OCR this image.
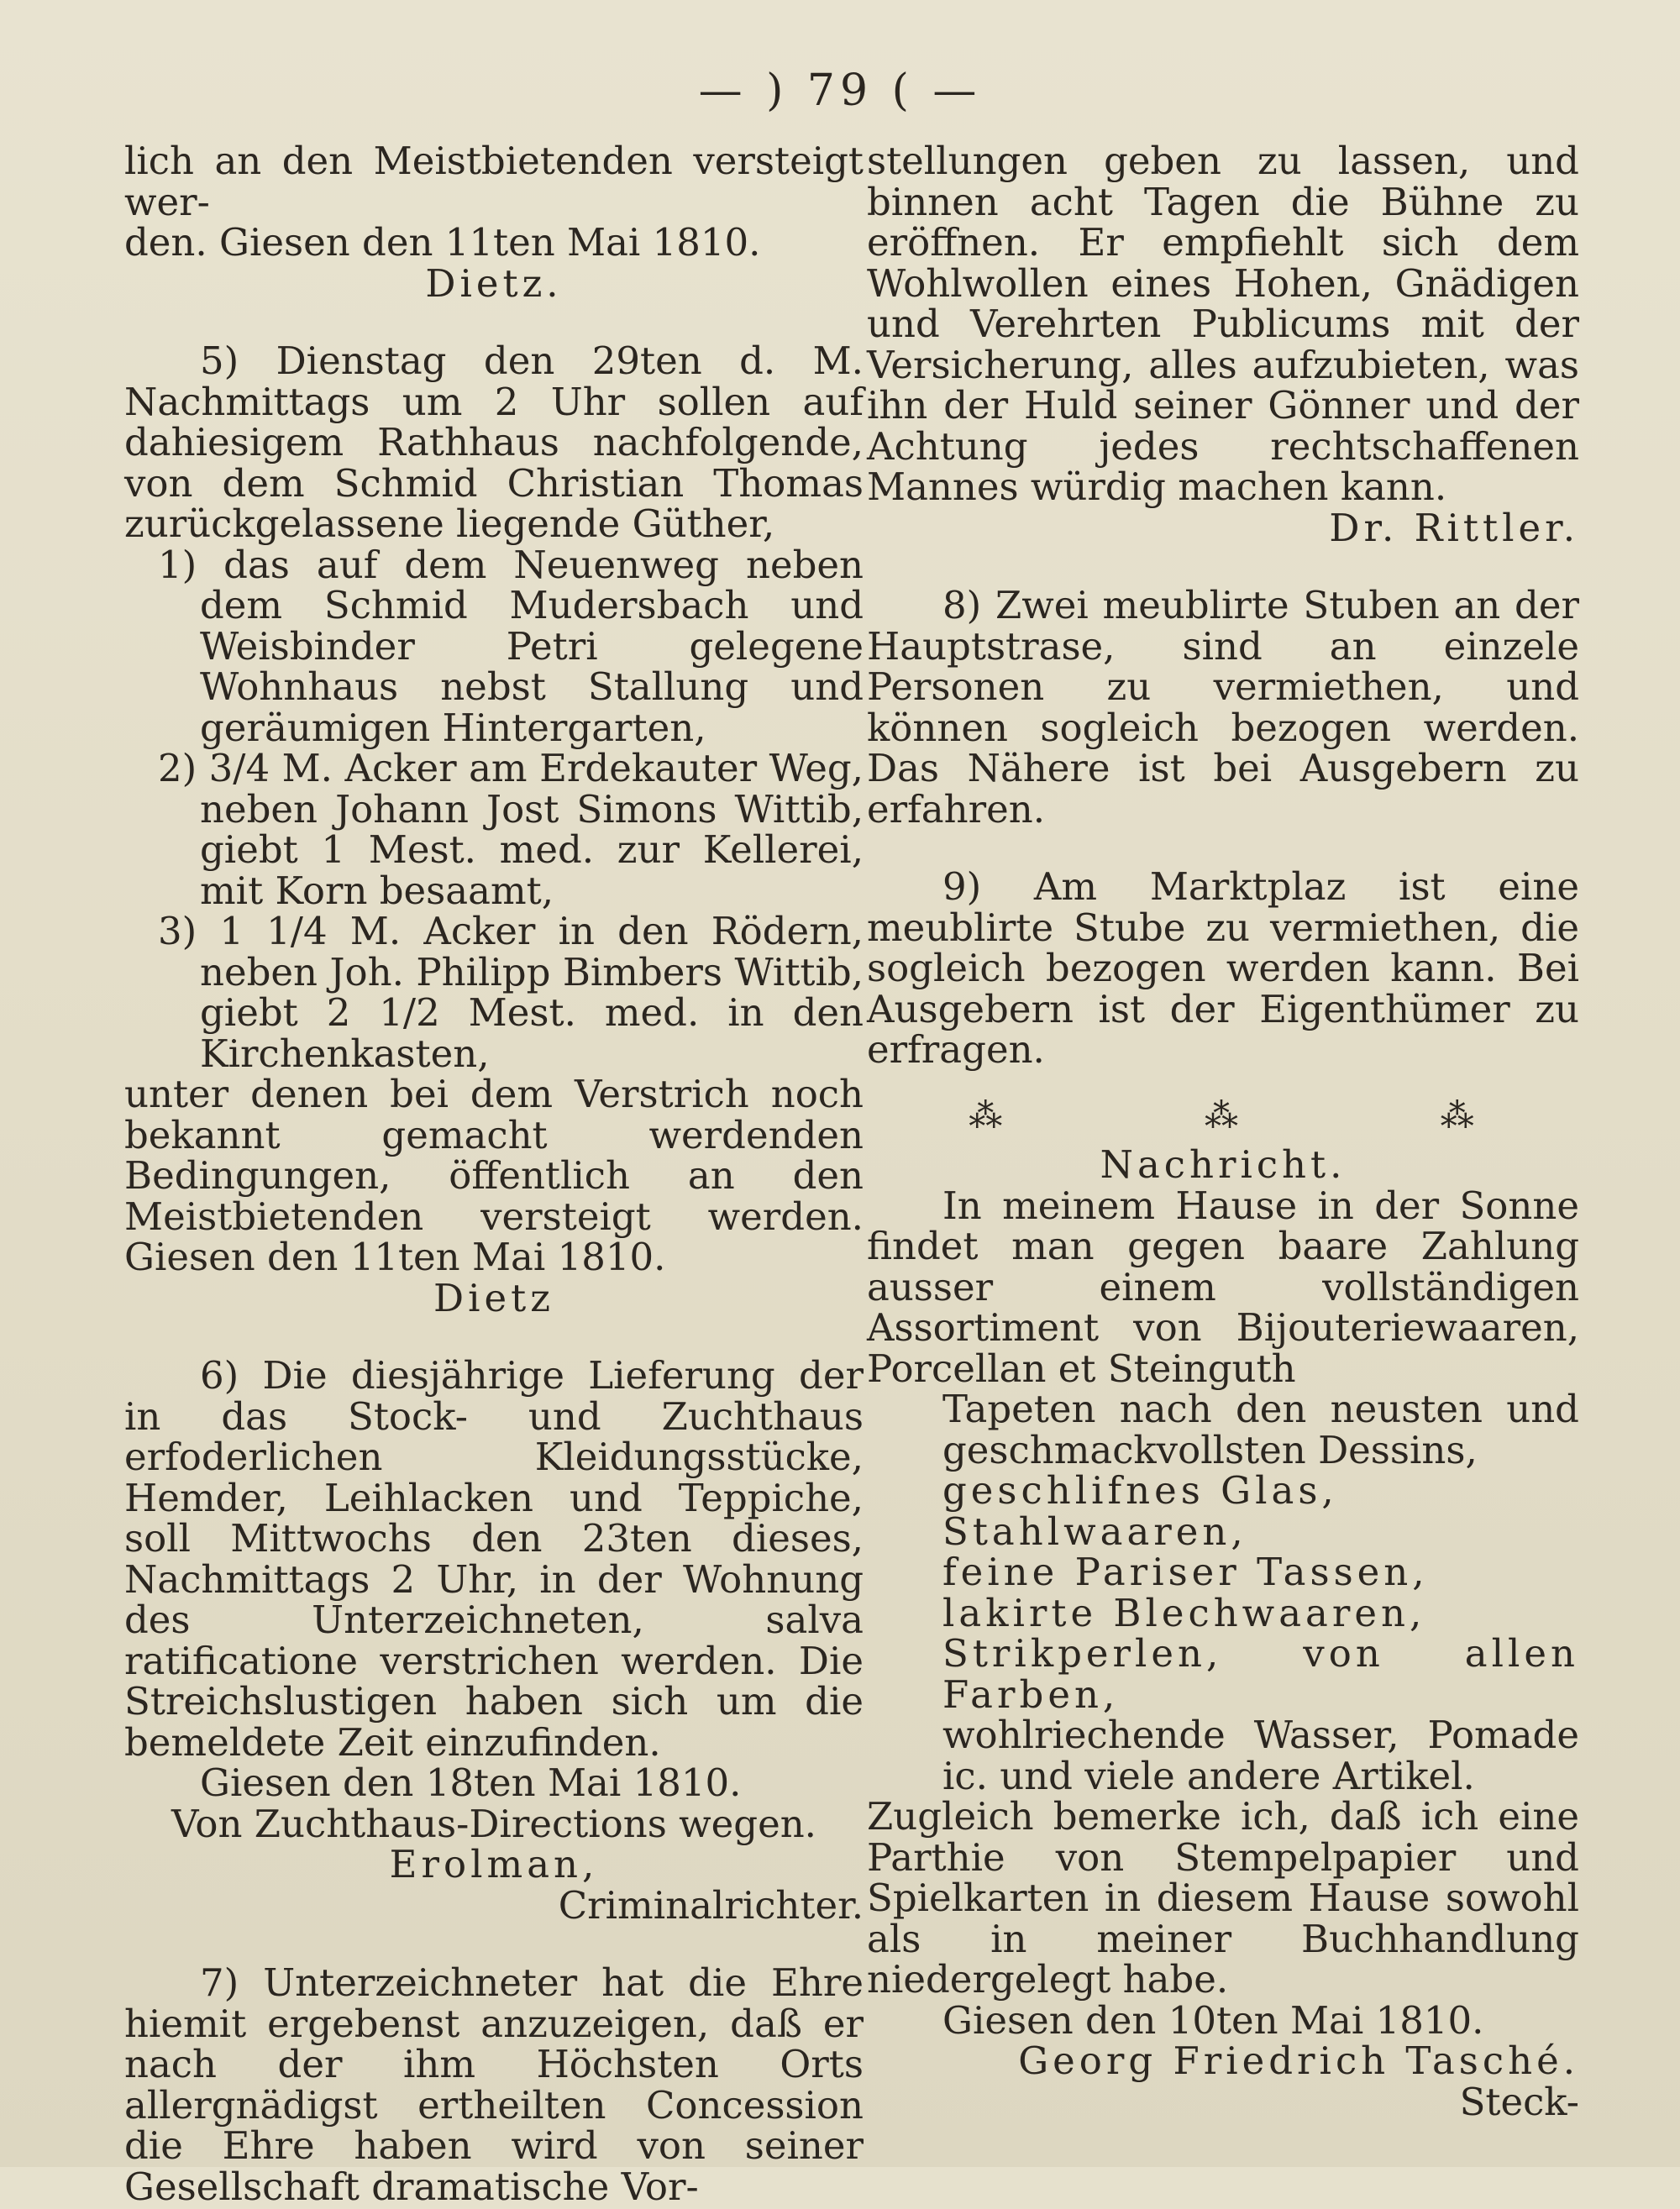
— ) 79 ( —

lich an den Meistbietenden versteigt wer-

den. Giesen den 11ten Mai 1810.

Dietz.

5) Dienstag den 29ten d. M. Nachmittags um 2 Uhr sollen auf dahiesigem Rathhaus nachfolgende, von dem Schmid Christian Thomas zurückgelassene liegende Güther,

1) das auf dem Neuenweg neben dem Schmid Mudersbach und Weisbinder Petri gelegene Wohnhaus nebst Stallung und geräumigen Hintergarten,

2) 3/4 M. Acker am Erdekauter Weg, neben Johann Jost Simons Wittib, giebt 1 Mest. med. zur Kellerei, mit Korn besaamt,

3) 1 1/4 M. Acker in den Rödern, neben Joh. Philipp Bimbers Wittib, giebt 2 1/2 Mest. med. in den Kirchenkasten,

unter denen bei dem Verstrich noch bekannt gemacht werdenden Bedingungen, öffentlich an den Meistbietenden versteigt werden. Giesen den 11ten Mai 1810.

Dietz

6) Die diesjährige Lieferung der in das Stock- und Zuchthaus erfoderlichen Kleidungsstücke, Hemder, Leihlacken und Teppiche, soll Mittwochs den 23ten dieses, Nachmittags 2 Uhr, in der Wohnung des Unterzeichneten, salva ratificatione verstrichen werden. Die Streichslustigen haben sich um die bemeldete Zeit einzufinden.

Giesen den 18ten Mai 1810.

Von Zuchthaus-Directions wegen.

Erolman,

Criminalrichter.

7) Unterzeichneter hat die Ehre hiemit ergebenst anzuzeigen, daß er nach der ihm Höchsten Orts allergnädigst ertheilten Concession die Ehre haben wird von seiner Gesellschaft dramatische Vor-

stellungen geben zu lassen, und binnen acht Tagen die Bühne zu eröffnen. Er empfiehlt sich dem Wohlwollen eines Hohen, Gnädigen und Verehrten Publicums mit der Versicherung, alles aufzubieten, was ihn der Huld seiner Gönner und der Achtung jedes rechtschaffenen Mannes würdig machen kann.

Dr. Rittler.

8) Zwei meublirte Stuben an der Hauptstrase, sind an einzele Personen zu vermiethen, und können sogleich bezogen werden. Das Nähere ist bei Ausgebern zu erfahren.

9) Am Marktplaz ist eine meublirte Stube zu vermiethen, die sogleich bezogen werden kann. Bei Ausgebern ist der Eigenthümer zu erfragen.

⁂	⁂	⁂

Nachricht.

In meinem Hause in der Sonne findet man gegen baare Zahlung ausser einem vollständigen Assortiment von Bijouteriewaaren, Porcellan et Steinguth

Tapeten nach den neusten und geschmackvollsten Dessins,

geschlifnes Glas,

Stahlwaaren,

feine Pariser Tassen,

lakirte Blechwaaren,

Strikperlen, von allen Farben,

wohlriechende Wasser, Pomade ic. und viele andere Artikel.

Zugleich bemerke ich, daß ich eine Parthie von Stempelpapier und Spielkarten in diesem Hause sowohl als in meiner Buchhandlung niedergelegt habe.

Giesen den 10ten Mai 1810.

Georg Friedrich Tasché.

Steck-
